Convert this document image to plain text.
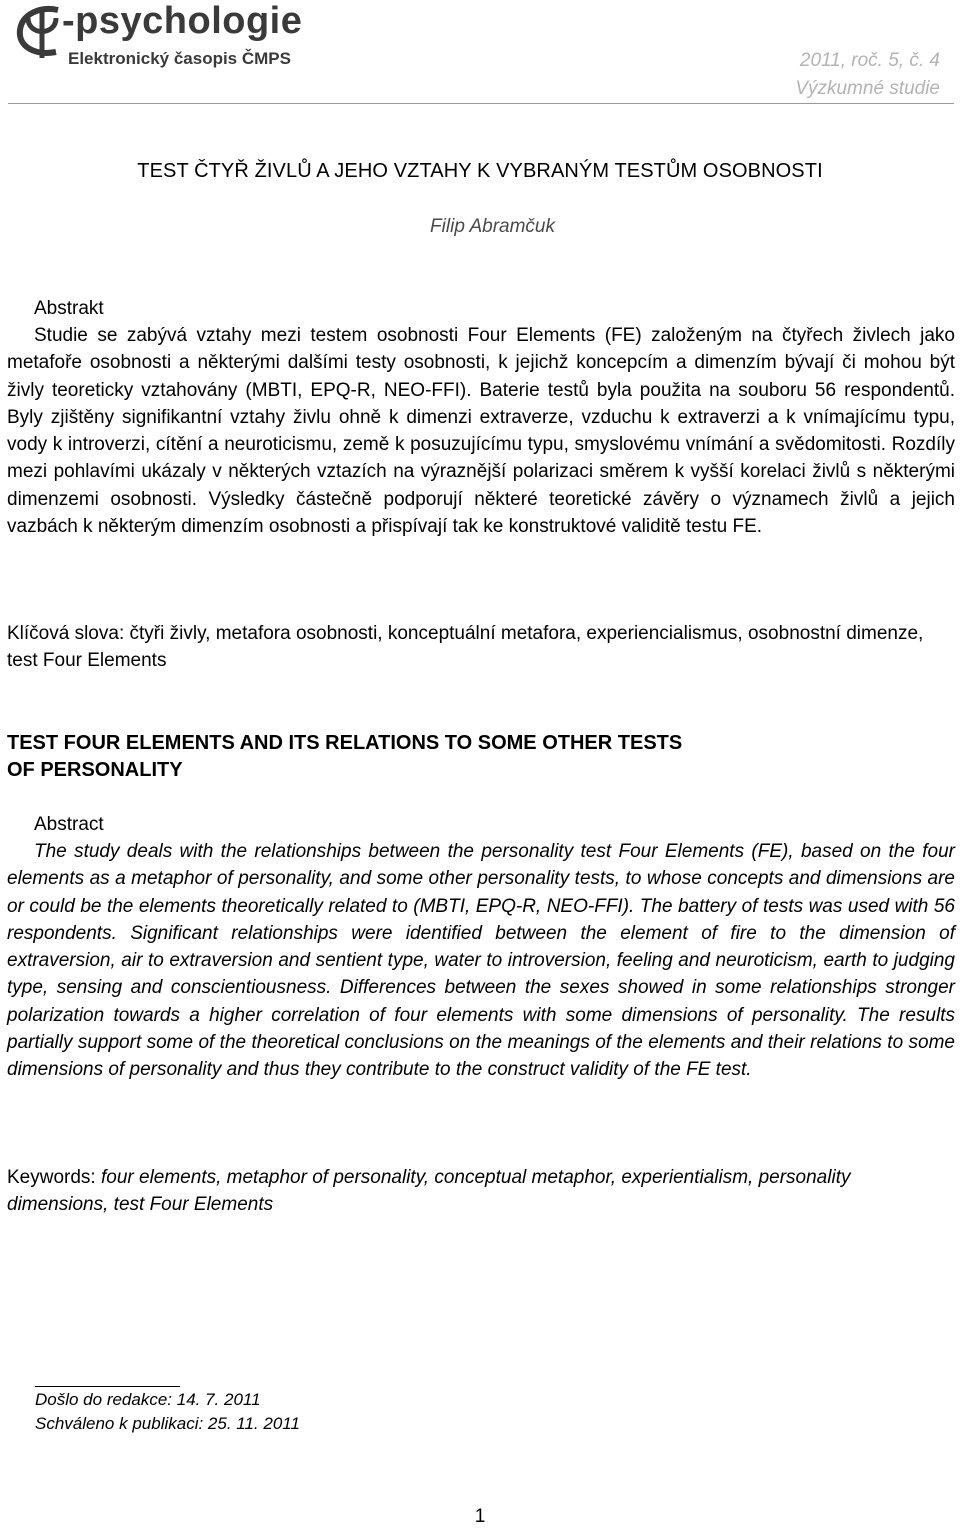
-psychologie
Elektronický časopis ČMPS	2011, roč. 5, č. 4
Výzkumné studie
TEST ČTYŘ ŽIVLŮ A JEHO VZTAHY K VYBRANÝM TESTŮM OSOBNOSTI
Filip Abramčuk
Abstrakt

Studie se zabývá vztahy mezi testem osobnosti Four Elements (FE) založeným na čtyřech živlech jako metafoře osobnosti a některými dalšími testy osobnosti, k jejichž koncepcím a dimenzím bývají či mohou být živly teoreticky vztahovány (MBTI, EPQ-R, NEO-FFI). Baterie testů byla použita na souboru 56 respondentů. Byly zjištěny signifikantní vztahy živlu ohně k dimenzi extraverze, vzduchu k extraverzi a k vnímajícímu typu, vody k introverzi, cítění a neuroticismu, země k posuzujícímu typu, smyslovému vnímání a svědomitosti. Rozdíly mezi pohlavími ukázaly v některých vztazích na výraznější polarizaci směrem k vyšší korelaci živlů s některými dimenzemi osobnosti. Výsledky částečně podporují některé teoretické závěry o významech živlů a jejich vazbách k některým dimenzím osobnosti a přispívají tak ke konstruktové validitě testu FE.

Klíčová slova: čtyři živly, metafora osobnosti, konceptuální metafora, experiencialismus, osobnostní dimenze, test Four Elements

TEST FOUR ELEMENTS AND ITS RELATIONS TO SOME OTHER TESTS
OF PERSONALITY
Abstract

The study deals with the relationships between the personality test Four Elements (FE), based on the four elements as a metaphor of personality, and some other personality tests, to whose concepts and dimensions are or could be the elements theoretically related to (MBTI, EPQ-R, NEO-FFI). The battery of tests was used with 56 respondents. Significant relationships were identified between the element of fire to the dimension of extraversion, air to extraversion and sentient type, water to introversion, feeling and neuroticism, earth to judging type, sensing and conscientiousness. Differences between the sexes showed in some relationships stronger polarization towards a higher correlation of four elements with some dimensions of personality. The results partially support some of the theoretical conclusions on the meanings of the elements and their relations to some dimensions of personality and thus they contribute to the construct validity of the FE test.

Keywords: four elements, metaphor of personality, conceptual metaphor, experientialism, personality dimensions, test Four Elements

Došlo do redakce: 14. 7. 2011
Schváleno k publikaci: 25. 11. 2011
1
